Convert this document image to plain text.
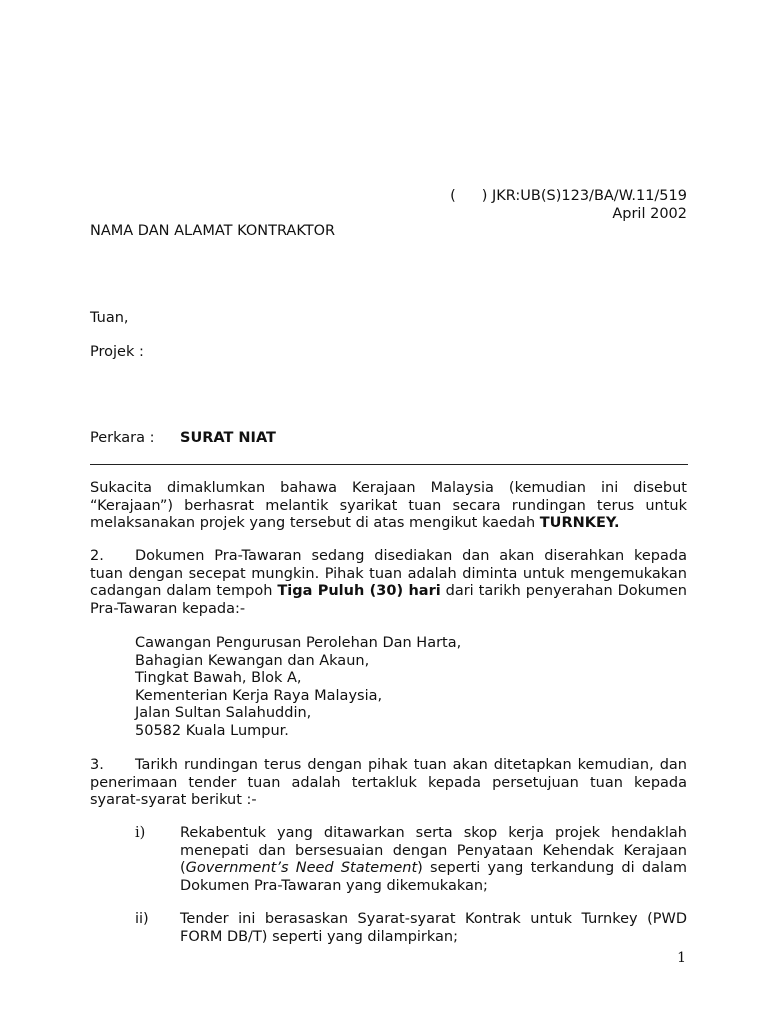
( ) JKR:UB(S)123/BA/W.11/519
April 2002
NAMA DAN ALAMAT KONTRAKTOR
Tuan,
Projek :
Perkara : SURAT NIAT
Sukacita dimaklumkan bahawa Kerajaan Malaysia (kemudian ini disebut “Kerajaan”) berhasrat melantik syarikat tuan secara rundingan terus untuk melaksanakan projek yang tersebut di atas mengikut kaedah TURNKEY.
2. Dokumen Pra-Tawaran sedang disediakan dan akan diserahkan kepada tuan dengan secepat mungkin. Pihak tuan adalah diminta untuk mengemukakan cadangan dalam tempoh Tiga Puluh (30) hari dari tarikh penyerahan Dokumen Pra-Tawaran kepada:-
Cawangan Pengurusan Perolehan Dan Harta,
Bahagian Kewangan dan Akaun,
Tingkat Bawah, Blok A,
Kementerian Kerja Raya Malaysia,
Jalan Sultan Salahuddin,
50582 Kuala Lumpur.
3. Tarikh rundingan terus dengan pihak tuan akan ditetapkan kemudian, dan penerimaan tender tuan adalah tertakluk kepada persetujuan tuan kepada syarat-syarat berikut :-
i)	Rekabentuk yang ditawarkan serta skop kerja projek hendaklah menepati dan bersesuaian dengan Penyataan Kehendak Kerajaan (Government’s Need Statement) seperti yang terkandung di dalam Dokumen Pra-Tawaran yang dikemukakan;
ii)	Tender ini berasaskan Syarat-syarat Kontrak untuk Turnkey (PWD FORM DB/T) seperti yang dilampirkan;
1
